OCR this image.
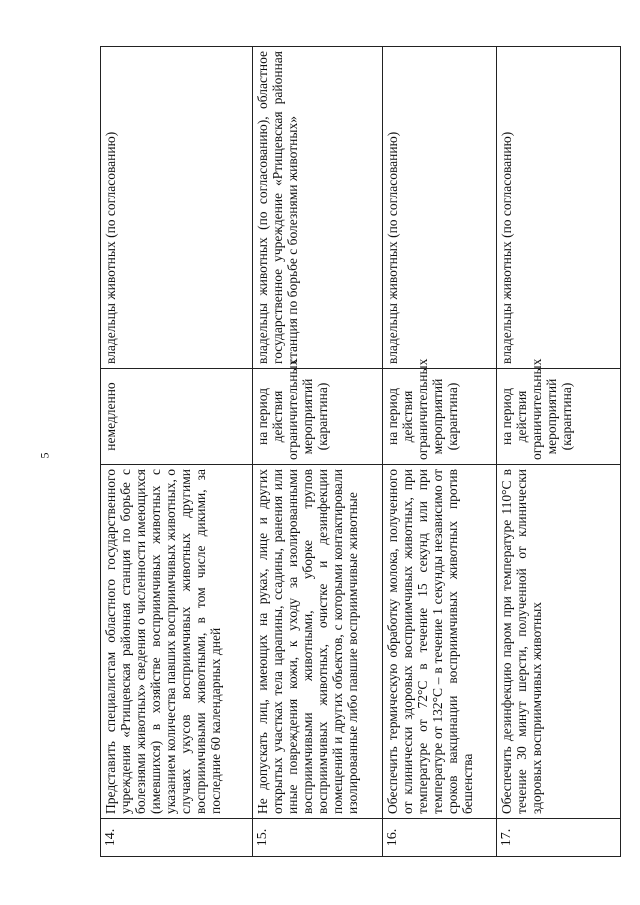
5
14.	Представить специалистам областного государственного учреждения «Ртищевская районная станция по борьбе с болезнями животных» сведения о численности имеющихся (имевшихся) в хозяйстве восприимчивых животных с указанием количества павших восприимчивых животных, о случаях укусов восприимчивых животных другими восприимчивыми животными, в том числе дикими, за последние 60 календарных дней	немедленно	владельцы животных (по согласованию)
15.	Не допускать лиц, имеющих на руках, лице и других открытых участках тела царапины, ссадины, ранения или иные повреждения кожи, к уходу за изолированными восприимчивыми животными, уборке трупов восприимчивых животных, очистке и дезинфекции помещений и других объектов, с которыми контактировали изолированные либо павшие восприимчивые животные	на период действия ограничительных мероприятий (карантина)	владельцы животных (по согласованию), областное государственное учреждение «Ртищевская районная станция по борьбе с болезнями животных»
16.	Обеспечить термическую обработку молока, полученного от клинически здоровых восприимчивых животных, при температуре от 72°С в течение 15 секунд или при температуре от 132°С – в течение 1 секунды независимо от сроков вакцинации восприимчивых животных против бешенства	на период действия ограничительных мероприятий (карантина)	владельцы животных (по согласованию)
17.	Обеспечить дезинфекцию паром при температуре 110°С в течение 30 минут шерсти, полученной от клинически здоровых восприимчивых животных	на период действия ограничительных мероприятий (карантина)	владельцы животных (по согласованию)
